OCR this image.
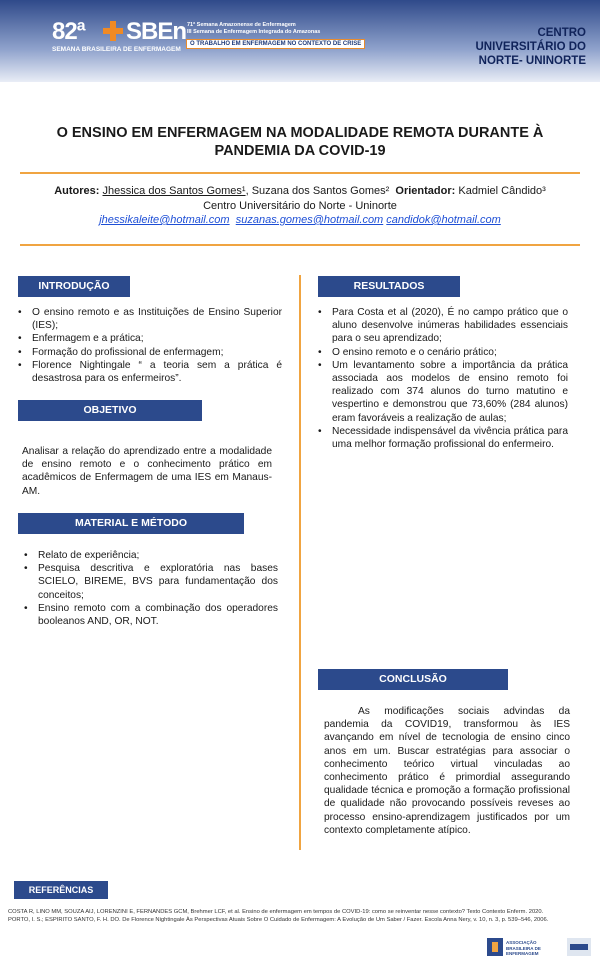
82ª SBEn
SEMANA BRASILEIRA DE ENFERMAGEM
71ª Semana Amazonense de Enfermagem
III Semana de Enfermagem Integrada do Amazonas
O TRABALHO EM ENFERMAGEM NO CONTEXTO DE CRISE
CENTRO
UNIVERSITÁRIO DO
NORTE- UNINORTE
O ENSINO EM ENFERMAGEM NA MODALIDADE REMOTA DURANTE À
PANDEMIA DA COVID-19
Autores: Jhessica dos Santos Gomes¹, Suzana dos Santos Gomes² Orientador: Kadmiel Cândido³
Centro Universitário do Norte - Uninorte
jhessikaleite@hotmail.com suzanas.gomes@hotmail.com candidok@hotmail.com
INTRODUÇÃO
• O ensino remoto e as Instituições de Ensino Superior (IES);
• Enfermagem e a prática;
• Formação do profissional de enfermagem;
• Florence Nightingale “ a teoria sem a prática é desastrosa para os enfermeiros”.
OBJETIVO
Analisar a relação do aprendizado entre a modalidade de ensino remoto e o conhecimento prático em acadêmicos de Enfermagem de uma IES em Manaus-AM.
MATERIAL E MÉTODO
• Relato de experiência;
• Pesquisa descritiva e exploratória nas bases SCIELO, BIREME, BVS para fundamentação dos conceitos;
• Ensino remoto com a combinação dos operadores booleanos AND, OR, NOT.
RESULTADOS
• Para Costa et al (2020), É no campo prático que o aluno desenvolve inúmeras habilidades essenciais para o seu aprendizado;
• O ensino remoto e o cenário prático;
• Um levantamento sobre a importância da prática associada aos modelos de ensino remoto foi realizado com 374 alunos do turno matutino e vespertino e demonstrou que 73,60% (284 alunos) eram favoráveis a realização de aulas;
• Necessidade indispensável da vivência prática para uma melhor formação profissional do enfermeiro.
CONCLUSÃO
As modificações sociais advindas da pandemia da COVID19, transformou às IES avançando em nível de tecnologia de ensino cinco anos em um. Buscar estratégias para associar o conhecimento teórico virtual vinculadas ao conhecimento prático é primordial assegurando qualidade técnica e promoção a formação profissional de qualidade não provocando possíveis reveses ao processo ensino-aprendizagem justificados por um contexto completamente atípico.
REFERÊNCIAS
COSTA R, LINO MM, SOUZA AIJ, LORENZINI E, FERNANDES GCM, Brehmer LCF, et al. Ensino de enfermagem em tempos de COVID-19: como se reinventar nesse contexto? Texto Contexto Enferm. 2020.
PORTO, I. S.; ESPIRITO SANTO, F. H. DO. De Florence Nightingale Às Perspectivas Atuais Sobre O Cuidado de Enfermagem: A Evolução de Um Saber / Fazer. Escola Anna Nery, v. 10, n. 3, p. 539–546, 2006.
ASSOCIAÇÃO BRASILEIRA DE ENFERMAGEM
